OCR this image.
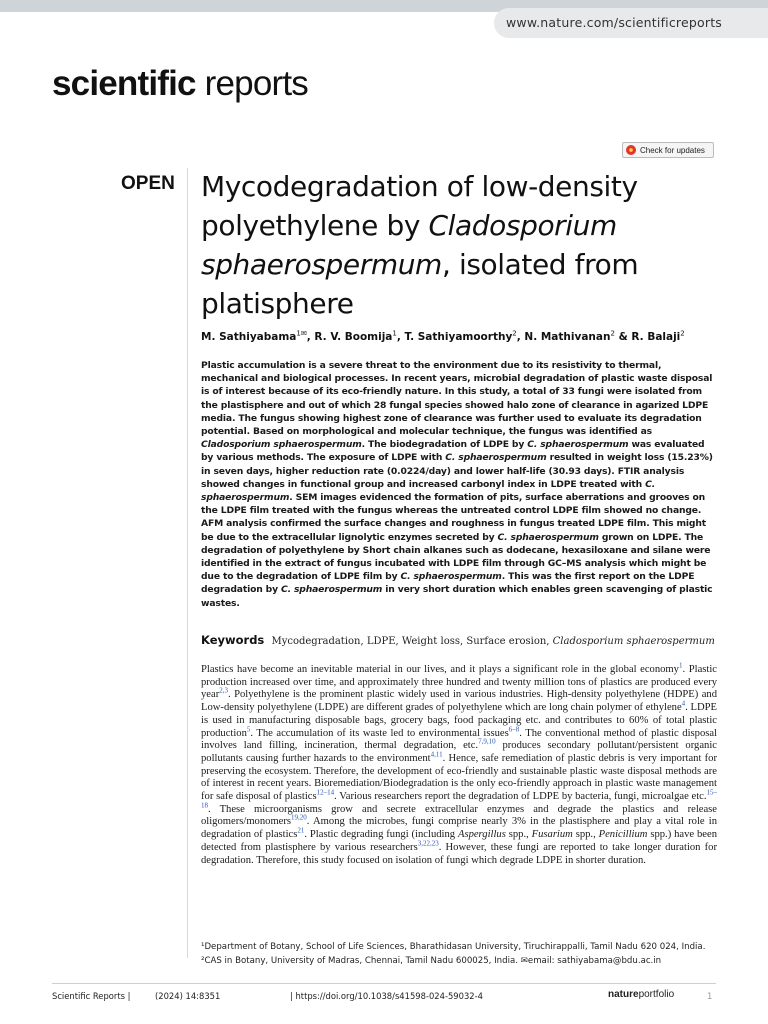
www.nature.com/scientificreports
scientific reports
Check for updates
OPEN Mycodegradation of low-density polyethylene by Cladosporium sphaerospermum, isolated from platisphere
M. Sathiyabama$^{1✉}$, R. V. Boomija$^1$, T. Sathiyamoorthy$^2$, N. Mathivanan$^2$ & R. Balaji$^2$

Plastic accumulation is a severe threat to the environment due to its resistivity to thermal, mechanical and biological processes. In recent years, microbial degradation of plastic waste disposal is of interest because of its eco-friendly nature. In this study, a total of 33 fungi were isolated from the plastisphere and out of which 28 fungal species showed halo zone of clearance in agarized LDPE media. The fungus showing highest zone of clearance was further used to evaluate its degradation potential. Based on morphological and molecular technique, the fungus was identified as Cladosporium sphaerospermum. The biodegradation of LDPE by C. sphaerospermum was evaluated by various methods. The exposure of LDPE with C. sphaerospermum resulted in weight loss (15.23%) in seven days, higher reduction rate (0.0224/day) and lower half-life (30.93 days). FTIR analysis showed changes in functional group and increased carbonyl index in LDPE treated with C. sphaerospermum. SEM images evidenced the formation of pits, surface aberrations and grooves on the LDPE film treated with the fungus whereas the untreated control LDPE film showed no change. AFM analysis confirmed the surface changes and roughness in fungus treated LDPE film. This might be due to the extracellular lignolytic enzymes secreted by C. sphaerospermum grown on LDPE. The degradation of polyethylene by Short chain alkanes such as dodecane, hexasiloxane and silane were identified in the extract of fungus incubated with LDPE film through GC–MS analysis which might be due to the degradation of LDPE film by C. sphaerospermum. This was the first report on the LDPE degradation by C. sphaerospermum in very short duration which enables green scavenging of plastic wastes.

Keywords Mycodegradation, LDPE, Weight loss, Surface erosion, Cladosporium sphaerospermum

Plastics have become an inevitable material in our lives, and it plays a significant role in the global economy$^1$. Plastic production increased over time, and approximately three hundred and twenty million tons of plastics are produced every year$^{2,3}$. Polyethylene is the prominent plastic widely used in various industries. High-density polyethylene (HDPE) and Low-density polyethylene (LDPE) are different grades of polyethylene which are long chain polymer of ethylene$^4$. LDPE is used in manufacturing disposable bags, grocery bags, food packaging etc. and contributes to 60% of total plastic production$^5$. The accumulation of its waste led to environmental issues$^{6-8}$. The conventional method of plastic disposal involves land filling, incineration, thermal degradation, etc.$^{7,9,10}$ produces secondary pollutant/persistent organic pollutants causing further hazards to the environment$^{4,11}$. Hence, safe remediation of plastic debris is very important for preserving the ecosystem. Therefore, the development of eco-friendly and sustainable plastic waste disposal methods are of interest in recent years. Bioremediation/Biodegradation is the only eco-friendly approach in plastic waste management for safe disposal of plastics$^{12-14}$. Various researchers report the degradation of LDPE by bacteria, fungi, microalgae etc.$^{15-18}$. These microorganisms grow and secrete extracellular enzymes and degrade the plastics and release oligomers/monomers$^{19,20}$. Among the microbes, fungi comprise nearly 3% in the plastisphere and play a vital role in degradation of plastics$^{21}$. Plastic degrading fungi (including Aspergillus spp., Fusarium spp., Penicillium spp.) have been detected from plastisphere by various researchers$^{3,22,23}$. However, these fungi are reported to take longer duration for degradation. Therefore, this study focused on isolation of fungi which degrade LDPE in shorter duration.

¹Department of Botany, School of Life Sciences, Bharathidasan University, Tiruchirappalli, Tamil Nadu 620 024, India. ²CAS in Botany, University of Madras, Chennai, Tamil Nadu 600025, India. ✉email: sathiyabama@bdu.ac.in
Scientific Reports |	(2024) 14:8351	| https://doi.org/10.1038/s41598-024-59032-4	natureportfolio	1
